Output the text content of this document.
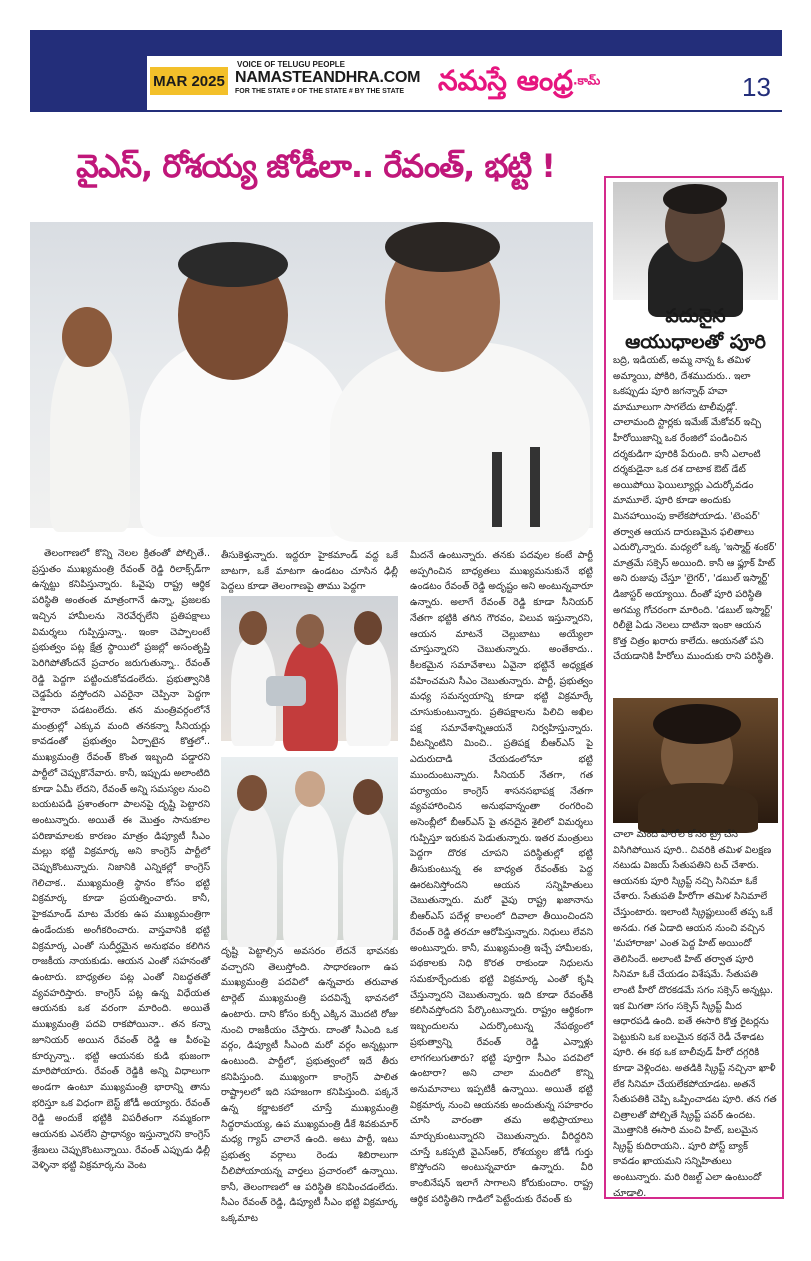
MAR 2025
VOICE OF TELUGU PEOPLE
NAMASTEANDHRA.COM
FOR THE STATE # OF THE STATE # BY THE STATE నమస్తే ఆంధ్ర.కామ్	13
వైఎస్, రోశయ్య జోడీలా.. రేవంత్, భట్టి !

తెలంగాణలో కొన్ని నెలల క్రితంతో పోల్చితే.. ప్రస్తుతం ముఖ్యమంత్రి రేవంత్ రెడ్డి రిలాక్స్‌డ్‌గా ఉన్నట్టు కనిపిస్తున్నారు. ఓవైపు రాష్ట్ర ఆర్థిక పరిస్థితి అంతంత మాత్రంగానే ఉన్నా, ప్రజలకు ఇచ్చిన హామీలను నెరవేర్చలేని ప్రతిపక్షాలు విమర్శలు గుప్పిస్తున్నా.. ఇంకా చెప్పాలంటే ప్రభుత్వం పట్ల క్షేత్ర స్థాయిలో ప్రజల్లో అసంతృప్తి పెరిగిపోతోందనే ప్రచారం జరుగుతున్నా.. రేవంత్ రెడ్డి పెద్దగా పట్టించుకోవడంలేదు. ప్రభుత్వానికి చెడ్డపేరు వస్తోందని ఎవరైనా చెప్పినా పెద్దగా హైరానా పడటంలేదు. తన మంత్రివర్గంలోనే మంత్రుల్లో ఎక్కువ మంది తనకన్నా సీనియర్లు కావడంతో ప్రభుత్వం ఏర్పాటైన కొత్తలో.. ముఖ్యమంత్రి రేవంత్ కొంత ఇబ్బంది పడ్డారని పార్టీలో చెప్పుకొనేవారు. కానీ, ఇప్పుడు అలాంటిది కూడా ఏమీ లేదని, రేవంత్ అన్ని సమస్యల నుంచి బయటపడి ప్రశాంతంగా పాలనపై దృష్టి పెట్టారని అంటున్నారు. అయితే ఈ మొత్తం సానుకూల పరిణామాలకు కారణం మాత్రం డిప్యూటీ సీఎం మల్లు భట్టి విక్రమార్క అని కాంగ్రెస్ పార్టీలో చెప్పుకొంటున్నారు. నిజానికి ఎన్నికల్లో కాంగ్రెస్ గెలిచాక.. ముఖ్యమంత్రి స్థానం కోసం భట్టి విక్రమార్క కూడా ప్రయత్నించారు. కానీ, హైకమాండ్ మాట మేరకు ఉప ముఖ్యమంత్రిగా ఉండేందుకు అంగీకరించారు. వాస్తవానికి భట్టి విక్రమార్క ఎంతో సుదీర్ఘమైన అనుభవం కలిగిన రాజకీయ నాయకుడు. ఆయన ఎంతో సహనంతో ఉంటారు. బాధ్యతల పట్ల ఎంతో నిబద్ధతతో వ్యవహరిస్తారు. కాంగ్రెస్ పట్ల ఉన్న విధేయత ఆయనకు ఒక వరంగా మారింది. అయితే ముఖ్యమంత్రి పదవి రాకపోయినా.. తన కన్నా జూనియర్ అయిన రేవంత్ రెడ్డి ఆ పీఠంపై కూర్చున్నా.. భట్టి ఆయనకు కుడి భుజంగా మారిపోయారు. రేవంత్ రెడ్డికి అన్ని విధాలుగా అండగా ఉంటూ ముఖ్యమంత్రి భారాన్ని తాను భరిస్తూ ఒక విధంగా బెస్ట్ జోడీ అయ్యారు. రేవంత్ రెడ్డి అందుకే భట్టికి విపరీతంగా నమ్మకంగా ఆయనకు ఎనలేని ప్రాధాన్యం ఇస్తున్నారని కాంగ్రెస్ శ్రేణులు చెప్పుకొంటున్నాయి. రేవంత్ ఎప్పుడు ఢిల్లీ వెళ్ళినా భట్టి విక్రమార్కను వెంట

తీసుకెళ్తున్నారు. ఇద్దరూ హైకమాండ్ వద్ద ఒకే బాటగా, ఒకే మాటగా ఉండటం చూసిన ఢిల్లీ పెద్దలు కూడా తెలంగాణపై తాము పెద్దగా

దృష్టి పెట్టాల్సిన అవసరం లేదనే భావనకు వచ్చారని తెలుస్తోంది. సాధారణంగా ఉప ముఖ్యమంత్రి పదవిలో ఉన్నవారు తరువాత టార్గెట్ ముఖ్యమంత్రి పదవిన్నే భావనలో ఉంటారు. దాని కోసం కుర్చీ ఎక్కిన మొదటి రోజు నుంచి రాజకీయం చేస్తారు. దాంతో సీఎంది ఒక వర్గం, డిప్యూటీ సీఎంది మరో వర్గం అన్నట్లుగా ఉంటుంది. పార్టీలో, ప్రభుత్వంలో ఇదే తీరు కనిపిస్తుంది. ముఖ్యంగా కాంగ్రెస్ పాలిత రాష్ట్రాలలో ఇది సహజంగా కనిపిస్తుంది. పక్కనే ఉన్న కర్ణాటకలో చూస్తే ముఖ్యమంత్రి సిద్ధరామయ్య, ఉప ముఖ్యమంత్రి డీకే శివకుమార్ మధ్య గ్యాప్ చాలానే ఉంది. అటు పార్టీ, ఇటు ప్రభుత్వ వర్గాలు రెండు శిబిరాలుగా చీలిపోయాయన్న వార్తలు ప్రచారంలో ఉన్నాయి. కానీ, తెలంగాణలో ఆ పరిస్థితి కనిపించడంలేదు. సీఎం రేవంత్ రెడ్డి, డిప్యూటీ సీఎం భట్టి విక్రమార్క ఒక్కమాట

మీదనే ఉంటున్నారు. తనకు పదవుల కంటే పార్టీ అప్పగించిన బాధ్యతలు ముఖ్యమనుకునే భట్టి ఉండటం రేవంత్ రెడ్డి అదృష్టం అని అంటున్నవారూ ఉన్నారు. అలాగే రేవంత్ రెడ్డి కూడా సీనియర్ నేతగా భట్టికి తగిన గౌరవం, విలువ ఇస్తున్నారని, ఆయన మాటనే చెల్లుబాటు అయ్యేలా చూస్తున్నారని చెబుతున్నారు. అంతేకాదు.. కీలకమైన సమావేశాలు ఏవైనా భట్టినే అధ్యక్షత వహించమని సీఎం చెబుతున్నారు. పార్టీ, ప్రభుత్వం మధ్య సమన్వయాన్ని కూడా భట్టి విక్రమార్కే చూసుకుంటున్నారు. ప్రతిపక్షాలను పిలిచి అఖిల పక్ష సమావేశాన్నిఆయనే నిర్వహిస్తున్నారు. వీటన్నింటిని మించి.. ప్రతిపక్ష బీఆర్ఎస్ పై ఎదురుదాడి చేయడంలోనూ భట్టి ముందుంటున్నారు. సీనియర్ నేతగా, గత పర్యాయం కాంగ్రెస్ శాసనసభాపక్ష నేతగా వ్యవహారించిన అనుభవాన్నంతా రంగరించి అసెంబ్లీలో బీఆర్ఎస్ పై తనదైన శైలిలో విమర్శలు గుప్పిస్తూ ఇరుకున పెడుతున్నారు. ఇతర మంత్రులు పెద్దగా దొరక చూపని పరిస్థితుల్లో భట్టి తీసుకుంటున్న ఈ బాధ్యత రేవంత్‌కు పెద్ద ఊరటనిస్తోందని ఆయన సన్నిహితులు చెబుతున్నారు. మరో వైపు రాష్ట్ర ఖజానాను బీఆర్ఎస్ పదేళ్ల కాలంలో దివాలా తీయించిందని రేవంత్ రెడ్డి తరచూ ఆరోపిస్తున్నారు. నిధులు లేవని అంటున్నారు. కానీ, ముఖ్యమంత్రి ఇచ్చే హామీలకు, పథకాలకు నిధి కొరత రాకుండా నిధులను సమకూర్చేందుకు భట్టి విక్రమార్క ఎంతో కృషి చేస్తున్నారని చెబుతున్నారు. ఇది కూడా రేవంత్‌కి కలిసివస్తోందని పేర్కొంటున్నారు. రాష్ట్రం ఆర్థికంగా ఇబ్బందులను ఎదుర్కొంటున్న నేపథ్యంలో ప్రభుత్వాన్ని రేవంత్ రెడ్డి ఎన్నాళ్లు లాగగలుగుతారు? భట్టి పూర్తిగా సీఎం పదవిలో ఉంటారా? అని చాలా మందిలో కొన్ని అనుమానాలు ఇప్పటికీ ఉన్నాయి. అయితే భట్టి విక్రమార్క నుంచి ఆయనకు అందుతున్న సహకారం చూసి వారంతా తమ అభిప్రాయాలు మార్చుకుంటున్నారని చెబుతున్నారు. వీరిద్దరిని చూస్తే ఒకప్పటి వైఎస్ఆర్, రోశయ్యల జోడీ గుర్తు కొస్తోందని అంటున్నవారూ ఉన్నారు. వీరి కాంబినేషన్ ఇలాగే సాగాలని కోరుకుందాం. రాష్ట్ర ఆర్థిక పరిస్థితిని గాడిలో పెట్టేందుకు రేవంత్ కు

పదునైన
ఆయుధాలతో పూరి
బద్రి, ఇడియట్, అమ్మ నాన్న ఓ తమిళ అమ్మాయి, పోకిరి, దేశముదురు.. ఇలా ఒకప్పుడు పూరి జగన్నాథ్ హవా మామూలుగా సాగలేదు టాలీవుడ్లో. చాలామంది స్టార్లకు ఇమేజ్ మేకోవర్ ఇచ్చి హీరోయిజాన్ని ఒక రేంజిలో పండించిన దర్శకుడిగా పూరికి పేరుంది. కానీ ఎలాంటి దర్శకుడైనా ఒక దశ దాటాక ఔట్ డేట్ అయిపోయి ఫెయిల్యూర్లు ఎదుర్కోవడం మామూలే. పూరి కూడా అందుకు మినహాయింపు కాలేకపోయాడు. 'టెంపర్' తర్వాత ఆయన దారుణమైన ఫలితాలు ఎదుర్కొన్నారు. మధ్యలో ఒక్క 'ఇస్మార్ట్ శంకర్' మాత్రమే సక్సెస్ అయింది. కానీ ఆ ఫ్లూక్ హిట్ అని రుజువు చేస్తూ 'లైగర్', 'డబుల్ ఇస్మార్ట్' డిజాస్టర్ అయ్యాయి. దీంతో పూరి పరిస్థితి అగమ్య గోచరంగా మారింది. 'డబుల్ ఇస్మార్ట్' రిలీజై ఏడు నెలలు దాటినా ఇంకా ఆయన కొత్త చిత్రం ఖరారు కాలేదు. ఆయనతో పని చేయడానికి హీరోలు ముందుకు రాని పరిస్థితి.
చాలా మంది హీరోల కోసం ట్రై చేసి విసిగిపోయిన పూరి.. చివరికి తమిళ విలక్షణ నటుడు విజయ్ సేతుపతిని టచ్ చేశారు. ఆయనకు పూరి స్క్రిప్ట్ నచ్చి సినిమా ఓకే చేశారు. సేతుపతి హీరోగా తమిళ సినిమాలే చేస్తుంటారు. ఇలాంటి స్క్రిప్టులుంటే తప్ప ఒకే అనడు. గత ఏడాది ఆయన నుంచి వచ్చిన 'మహారాజా' ఎంత పెద్ద హిట్ అయిందో తెలిసిందే. అలాంటి హిట్ తర్వాత పూరి సినిమా ఓకే చేయడం విశేషమే. సేతుపతి లాంటి హీరో దొరకడమే సగం సక్సెస్ అన్నట్లు. ఇక మిగతా సగం సక్సెస్ స్క్రిప్ట్ మీద ఆధారపడి ఉంది. ఐతే ఈసారి కొత్త రైటర్లను పెట్టుకుని ఒక బలమైన కథనే రెడీ చేశాడట పూరి. ఈ కథ ఒక బాలీవుడ్ హీరో దగ్గరికి కూడా వెళ్లిందట. అతడికి స్క్రిప్ట్ నచ్చినా ఖాళీ లేక సినిమా చేయలేకపోయాడట. అతనే సేతుపతికి చెప్పి ఒప్పించాడట పూరి. తన గత చిత్రాలతో పోల్చితే స్క్రిప్ట్‌ పవర్ ఉందట. మొత్తానికి ఈసారి మంచి హిట్, బలమైన స్క్రిప్ట్ కుదిరాయని.. పూరి పోస్ట్ బ్యాక్ కావడం ఖాయమని సన్నిహితులు అంటున్నారు. మరి రిజల్ట్ ఎలా ఉంటుందో చూడాలి.
